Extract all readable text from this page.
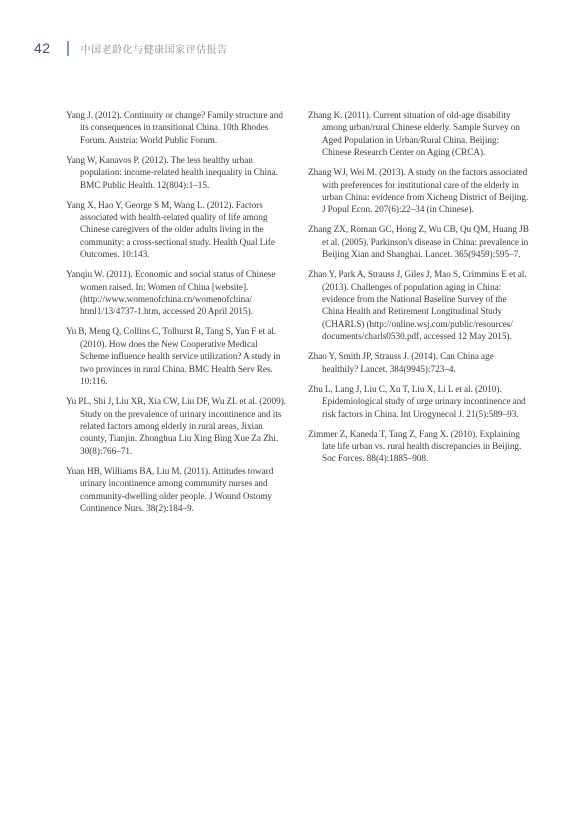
42	中国老龄化与健康国家评估报告

Yang J. (2012). Continuity or change? Family structure and its consequences in transitional China. 10th Rhodes Forum. Austria: World Public Forum.

Yang W, Kanavos P. (2012). The less healthy urban population: income-related health inequality in China. BMC Public Health. 12(804):1–15.

Yang X, Hao Y, George S M, Wang L. (2012). Factors associated with health-related quality of life among Chinese caregivers of the older adults living in the community: a cross-sectional study. Health Qual Life Outcomes. 10:143.

Yanqiu W. (2011). Economic and social status of Chinese women raised. In: Women of China [website]. (http://www.womenofchina.cn/womenofchina/ html1/13/4737-1.htm, accessed 20 April 2015).

Yu B, Meng Q, Collins C, Tolhurst R, Tang S, Yan F et al. (2010). How does the New Cooperative Medical Scheme influence health service utilization? A study in two provinces in rural China. BMC Health Serv Res. 10:116.

Yu PL, Shi J, Liu XR, Xia CW, Liu DF, Wu ZL et al. (2009). Study on the prevalence of urinary incontinence and its related factors among elderly in rural areas, Jixian county, Tianjin. Zhonghua Liu Xing Bing Xue Za Zhi. 30(8):766–71.

Yuan HB, Williams BA, Liu M. (2011). Attitudes toward urinary incontinence among community nurses and community-dwelling older people. J Wound Ostomy Continence Nurs. 38(2):184–9.

Zhang K. (2011). Current situation of old-age disability among urban/rural Chinese elderly. Sample Survey on Aged Population in Urban/Rural China. Beijing: Chinese Research Center on Aging (CRCA).

Zhang WJ, Wei M. (2013). A study on the factors associated with preferences for institutional care of the elderly in urban China: evidence from Xicheng District of Beijing. J Popul Econ. 207(6):22–34 (in Chinese).

Zhang ZX, Roman GC, Hong Z, Wu CB, Qu QM, Huang JB et al. (2005). Parkinson's disease in China: prevalence in Beijing Xian and Shanghai. Lancet. 365(9459):595–7.

Zhao Y, Park A, Strauss J, Giles J, Mao S, Crimmins E et al. (2013). Challenges of population aging in China: evidence from the National Baseline Survey of the China Health and Retirement Longitudinal Study (CHARLS) (http://online.wsj.com/public/resources/ documents/charls0530.pdf, accessed 12 May 2015).

Zhao Y, Smith JP, Strauss J. (2014). Can China age healthily? Lancet. 384(9945):723–4.

Zhu L, Lang J, Liu C, Xu T, Liu X, Li L et al. (2010). Epidemiological study of urge urinary incontinence and risk factors in China. Int Urogynecol J. 21(5):589–93.

Zimmer Z, Kaneda T, Tang Z, Fang X. (2010). Explaining late life urban vs. rural health discrepancies in Beijing. Soc Forces. 88(4):1885–908.
